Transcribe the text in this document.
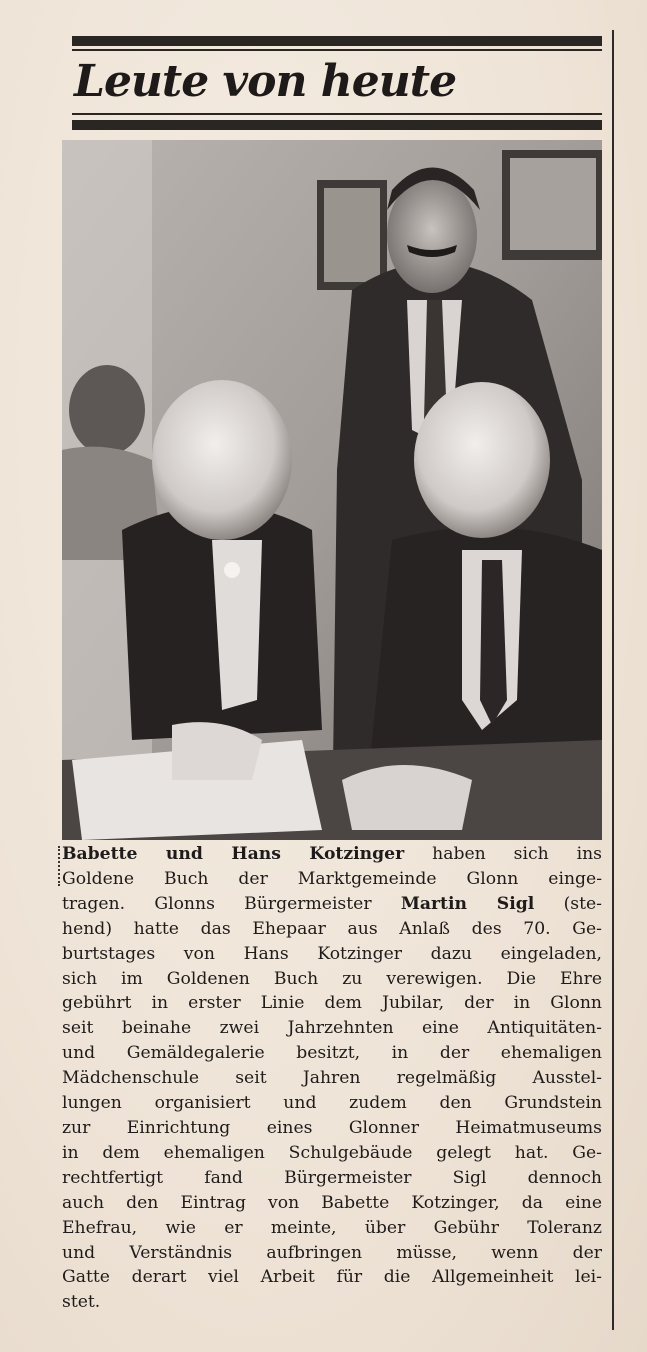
Leute von heute
Babette und Hans Kotzinger haben sich ins
Goldene Buch der Marktgemeinde Glonn einge-
tragen. Glonns Bürgermeister Martin Sigl (ste-
hend) hatte das Ehepaar aus Anlaß des 70. Ge-
burtstages von Hans Kotzinger dazu eingeladen,
sich im Goldenen Buch zu verewigen. Die Ehre
gebührt in erster Linie dem Jubilar, der in Glonn
seit beinahe zwei Jahrzehnten eine Antiquitäten-
und Gemäldegalerie besitzt, in der ehemaligen
Mädchenschule seit Jahren regelmäßig Ausstel-
lungen organisiert und zudem den Grundstein
zur Einrichtung eines Glonner Heimatmuseums
in dem ehemaligen Schulgebäude gelegt hat. Ge-
rechtfertigt fand Bürgermeister Sigl dennoch
auch den Eintrag von Babette Kotzinger, da eine
Ehefrau, wie er meinte, über Gebühr Toleranz
und Verständnis aufbringen müsse, wenn der
Gatte derart viel Arbeit für die Allgemeinheit lei-
stet.
